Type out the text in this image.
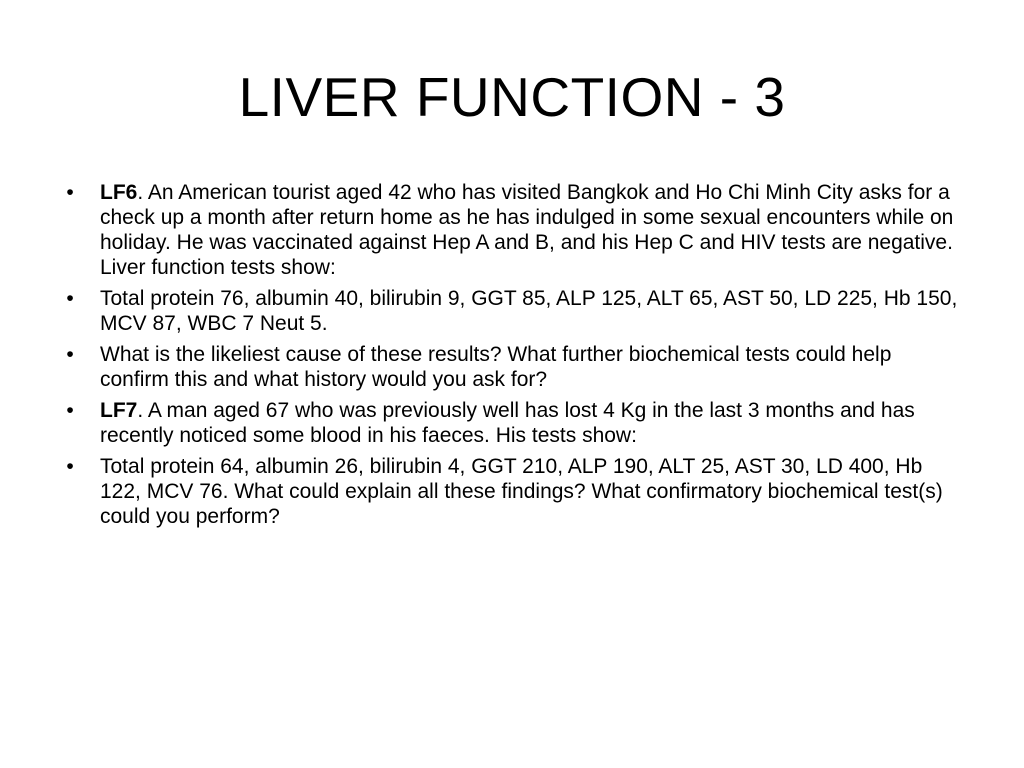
LIVER FUNCTION - 3
•	LF6. An American tourist aged 42 who has visited Bangkok and Ho Chi Minh City asks for a check up a month after return home as he has indulged in some sexual encounters while on holiday. He was vaccinated against Hep A and B, and his Hep C and HIV tests are negative. Liver function tests show:
•	Total protein 76, albumin 40, bilirubin 9, GGT 85, ALP 125, ALT 65, AST 50, LD 225, Hb 150, MCV 87, WBC 7 Neut 5.
•	What is the likeliest cause of these results? What further biochemical tests could help confirm this and what history would you ask for?
•	LF7. A man aged 67 who was previously well has lost 4 Kg in the last 3 months and has recently noticed some blood in his faeces. His tests show:
•	Total protein 64, albumin 26, bilirubin 4, GGT 210, ALP 190, ALT 25, AST 30, LD 400, Hb 122, MCV 76. What could explain all these findings? What confirmatory biochemical test(s) could you perform?
